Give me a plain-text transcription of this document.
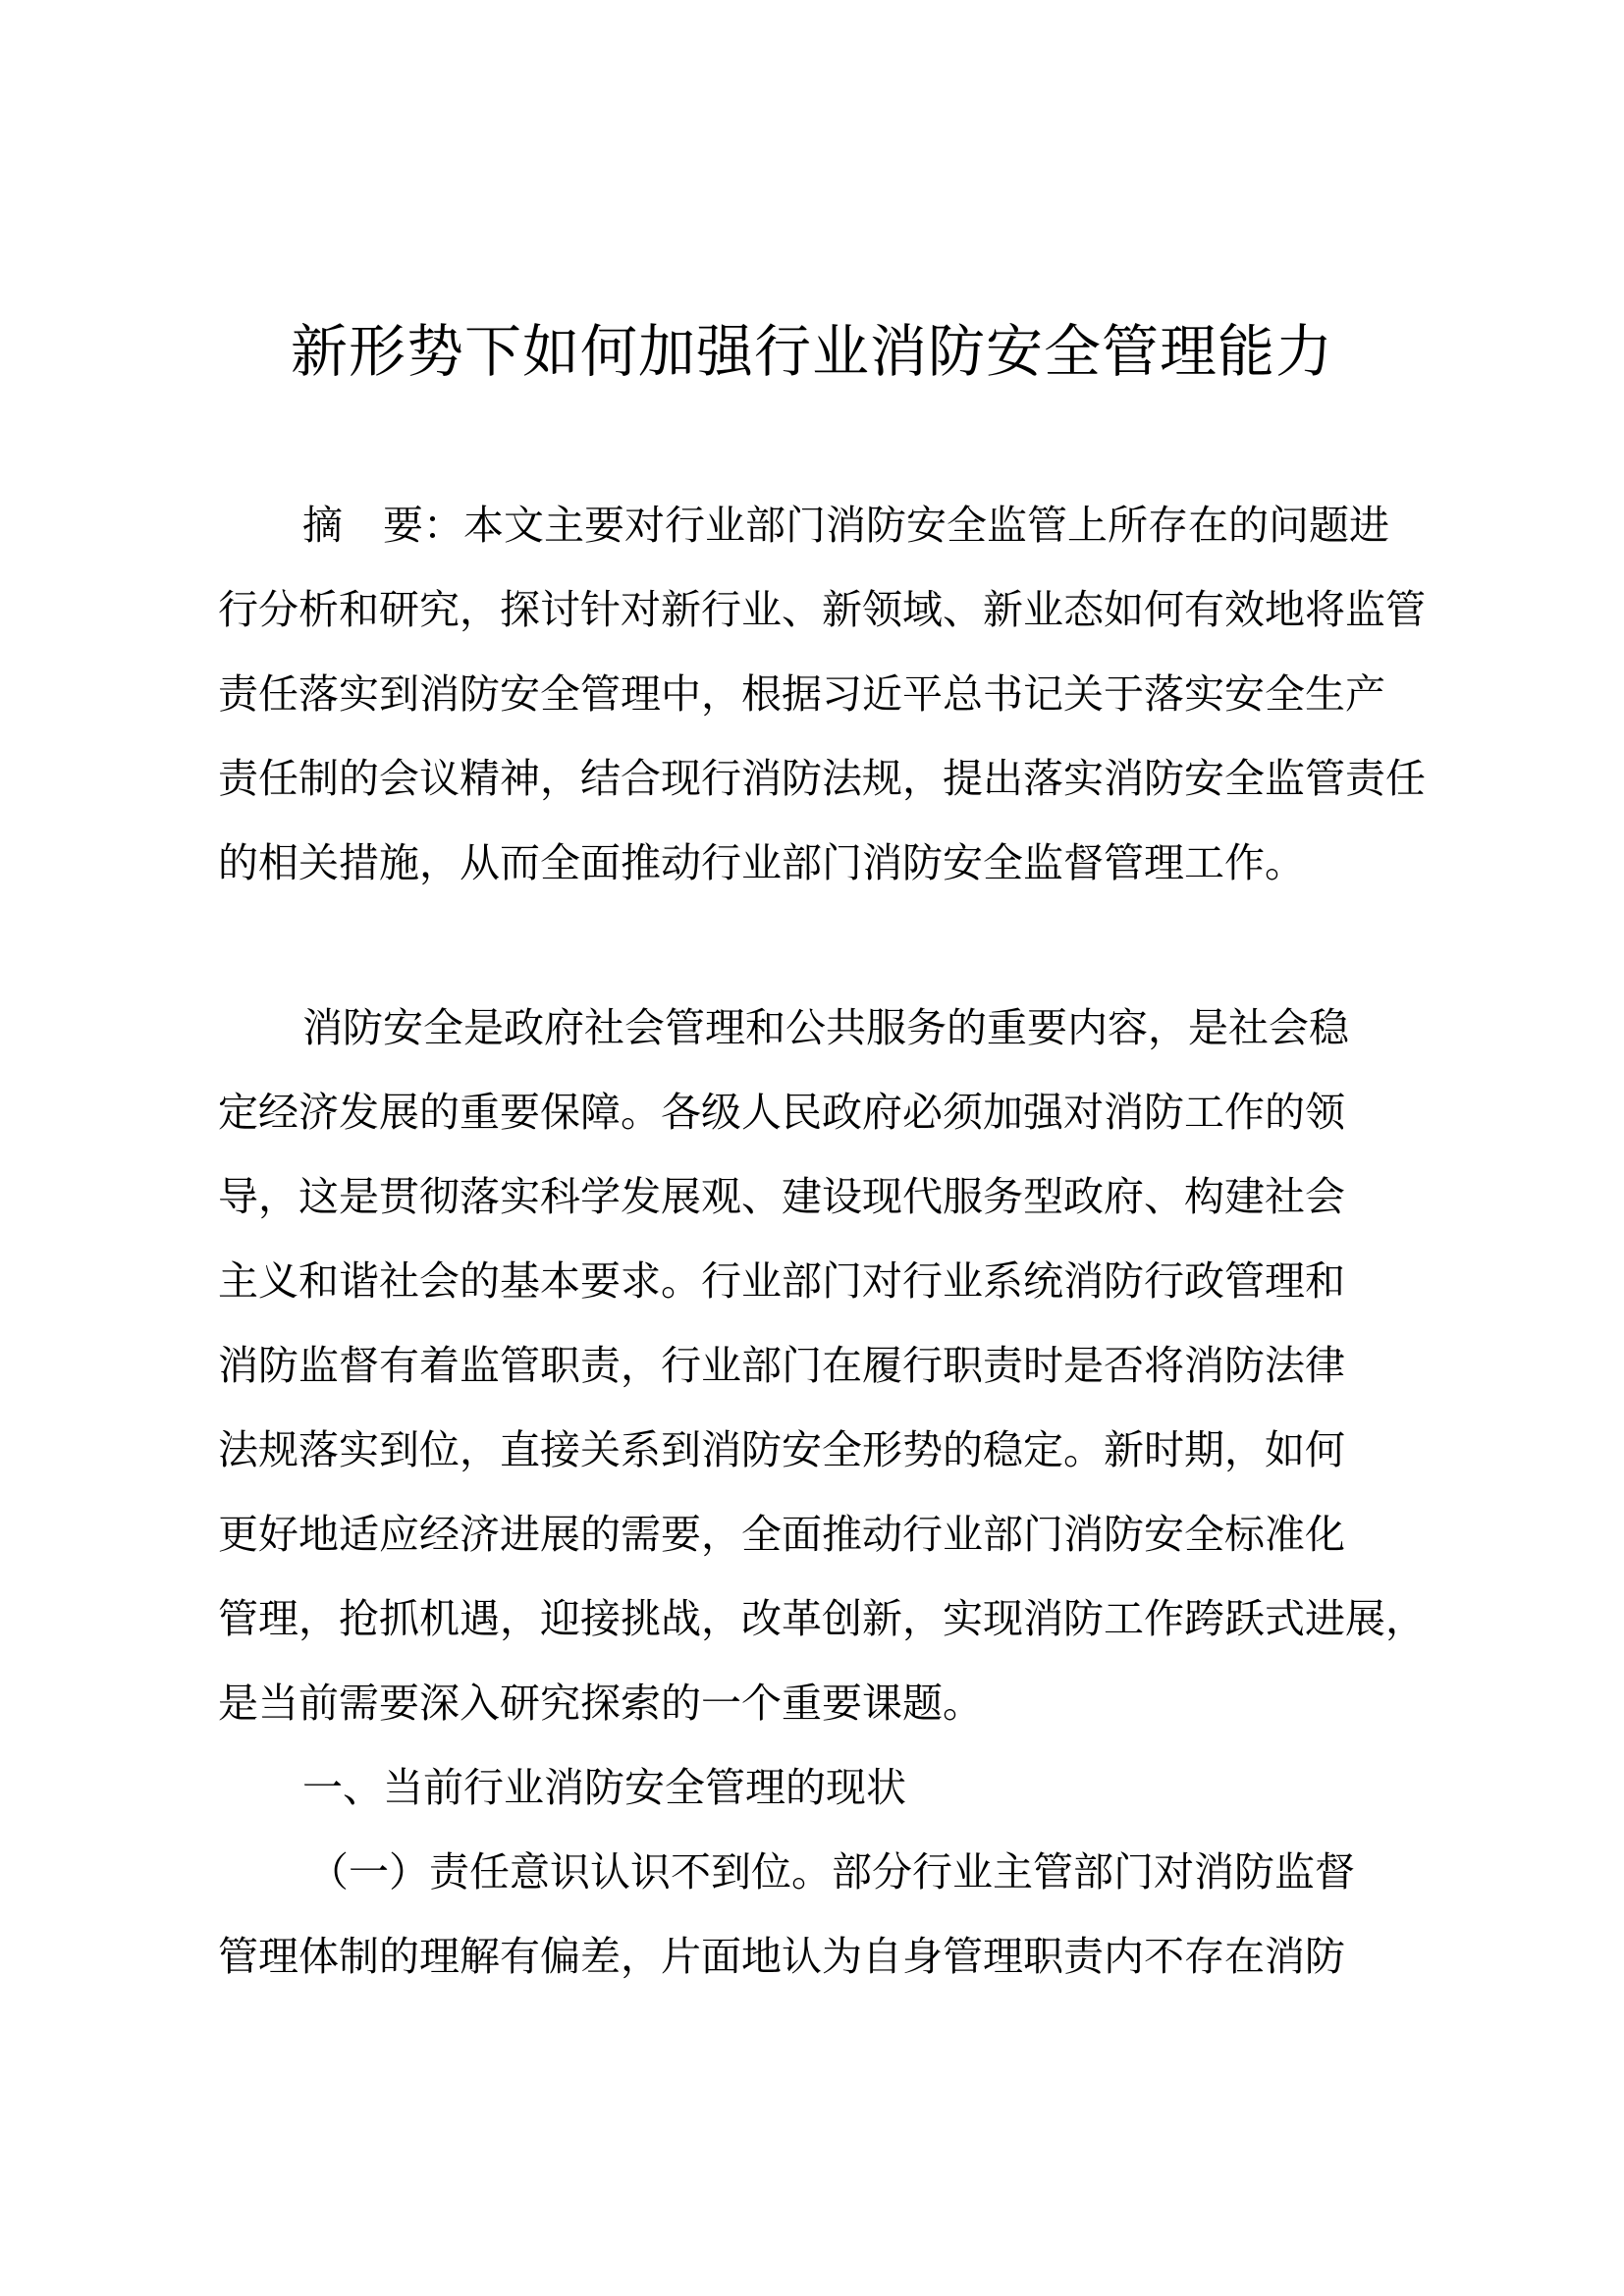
新形势下如何加强行业消防安全管理能力
摘　要：本文主要对行业部门消防安全监管上所存在的问题进
行分析和研究，探讨针对新行业、新领域、新业态如何有效地将监管
责任落实到消防安全管理中，根据习近平总书记关于落实安全生产
责任制的会议精神，结合现行消防法规，提出落实消防安全监管责任
的相关措施，从而全面推动行业部门消防安全监督管理工作。
消防安全是政府社会管理和公共服务的重要内容，是社会稳
定经济发展的重要保障。各级人民政府必须加强对消防工作的领
导，这是贯彻落实科学发展观、建设现代服务型政府、构建社会
主义和谐社会的基本要求。行业部门对行业系统消防行政管理和
消防监督有着监管职责，行业部门在履行职责时是否将消防法律
法规落实到位，直接关系到消防安全形势的稳定。新时期，如何
更好地适应经济进展的需要，全面推动行业部门消防安全标准化
管理，抢抓机遇，迎接挑战，改革创新，实现消防工作跨跃式进展，
是当前需要深入研究探索的一个重要课题。
一、当前行业消防安全管理的现状
（一）责任意识认识不到位。部分行业主管部门对消防监督
管理体制的理解有偏差，片面地认为自身管理职责内不存在消防
